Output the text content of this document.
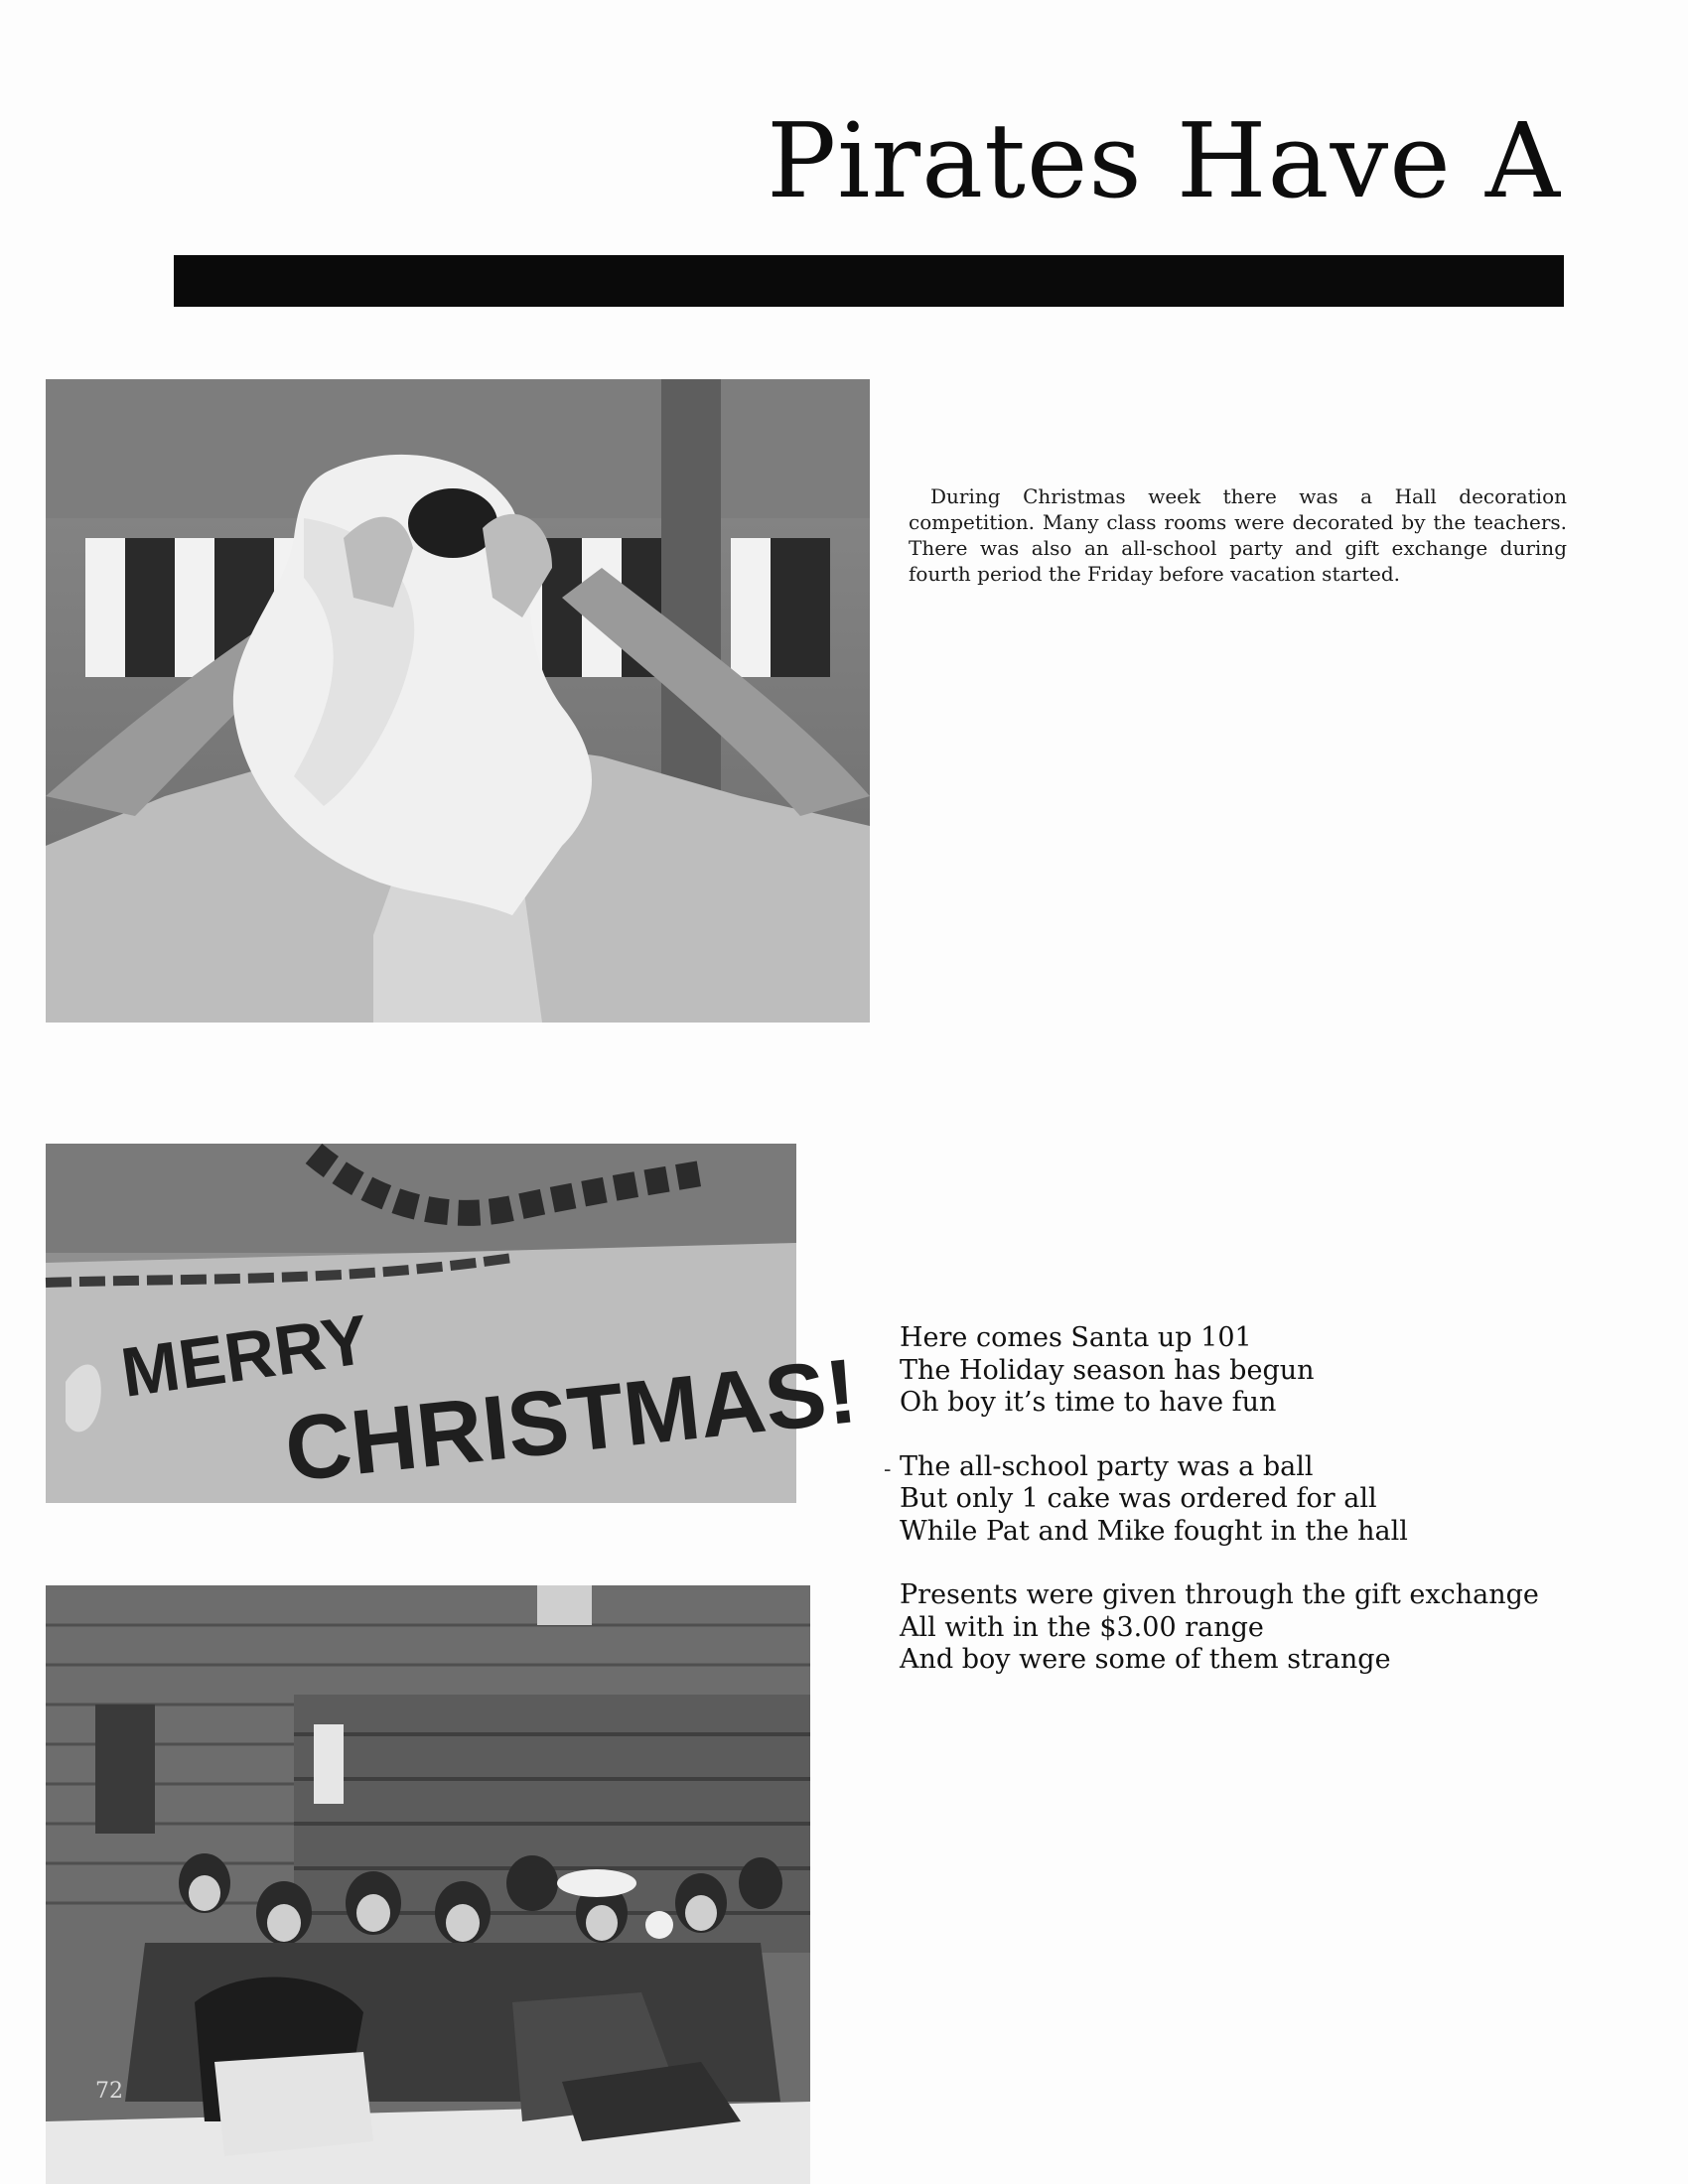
Pirates Have A
MERRY
CHRISTMAS!
During Christmas week there was a Hall decoration competition. Many class rooms were decorated by the teachers. There was also an all-school party and gift exchange during fourth period the Friday before vacation started.
-
Here comes Santa up 101
The Holiday season has begun
Oh boy it’s time to have fun
The all-school party was a ball
But only 1 cake was ordered for all
While Pat and Mike fought in the hall
Presents were given through the gift exchange
All with in the $3.00 range
And boy were some of them strange
72
